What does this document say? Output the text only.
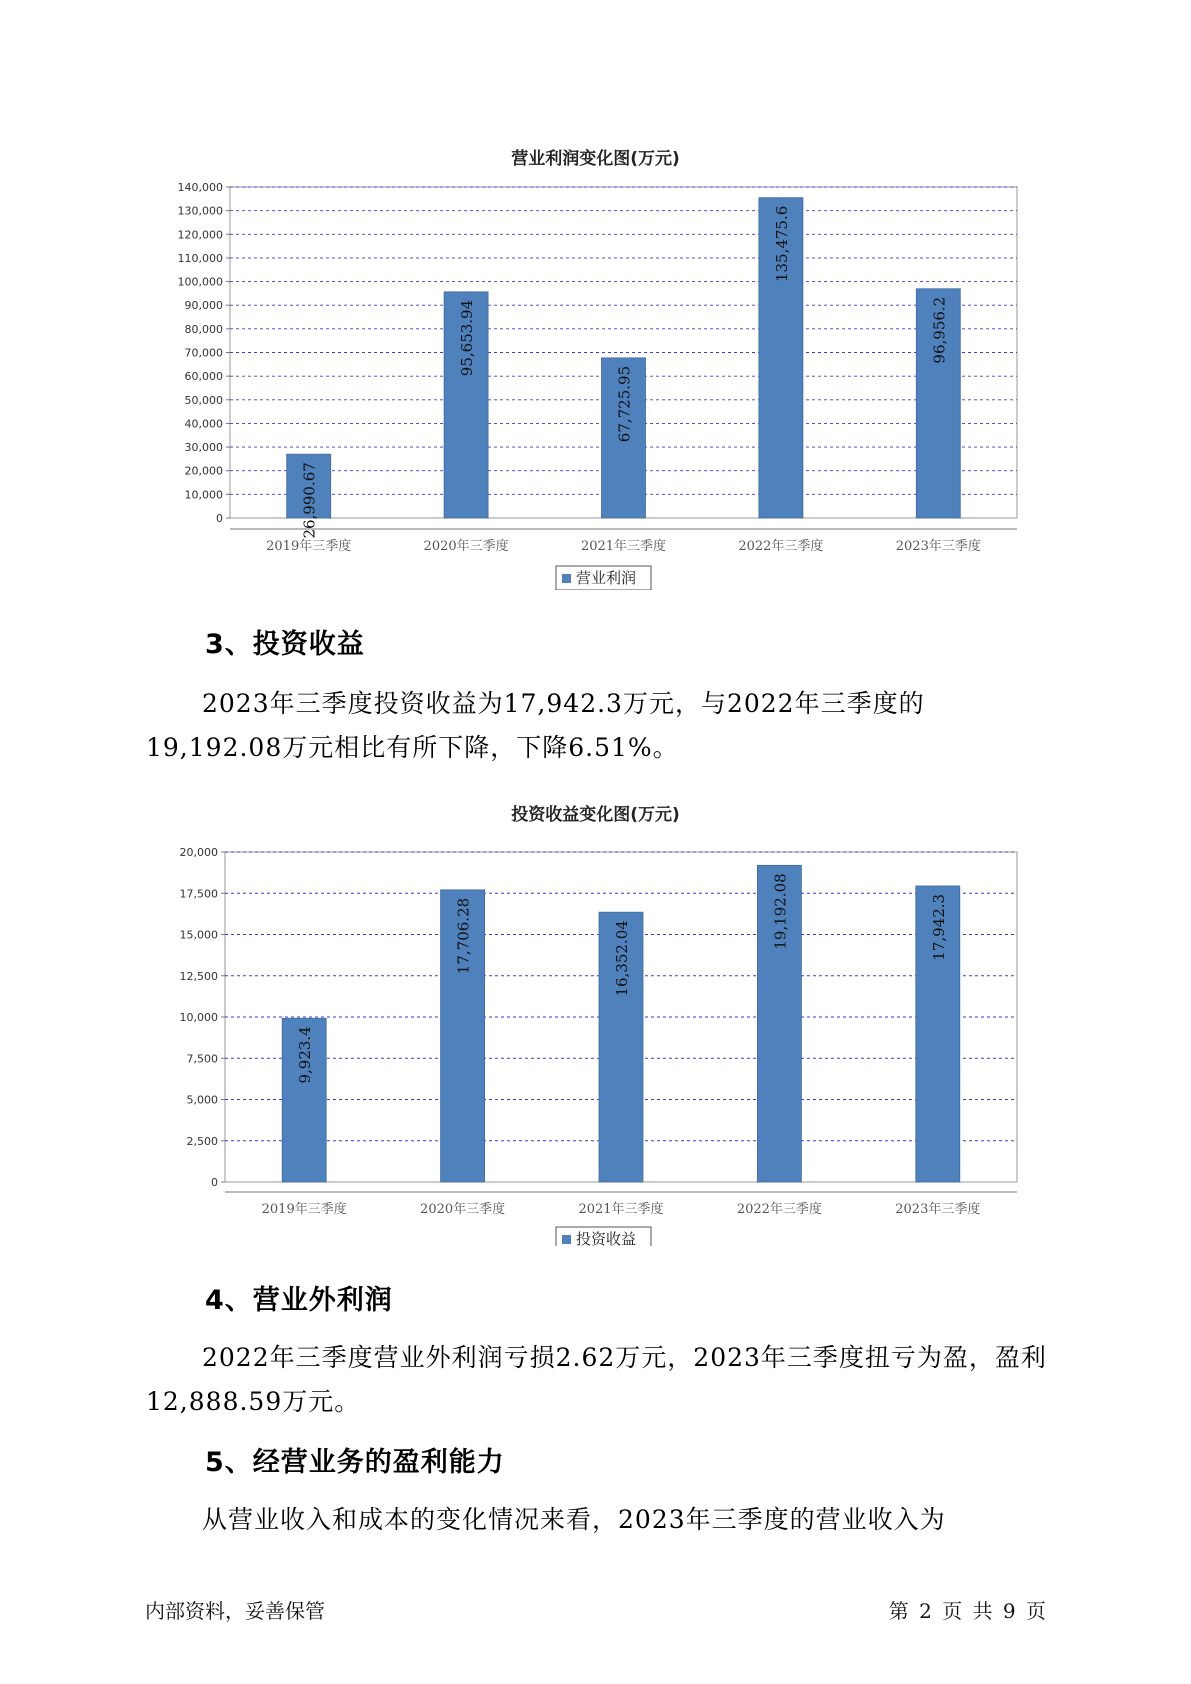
营业利润变化图(万元)
0
10,000
20,000
30,000
40,000
50,000
60,000
70,000
80,000
90,000
100,000
110,000
120,000
130,000
140,000
26,990.67
2019年三季度
95,653.94
2020年三季度
67,725.95
2021年三季度
135,475.6
2022年三季度
96,956.2
2023年三季度
营业利润
3、投资收益

2023年三季度投资收益为17,942.3万元，与2022年三季度的19,192.08万元相比有所下降，下降6.51%。

投资收益变化图(万元)
0
2,500
5,000
7,500
10,000
12,500
15,000
17,500
20,000
9,923.4
2019年三季度
17,706.28
2020年三季度
16,352.04
2021年三季度
19,192.08
2022年三季度
17,942.3
2023年三季度
投资收益
4、营业外利润

2022年三季度营业外利润亏损2.62万元，2023年三季度扭亏为盈，盈利12,888.59万元。

5、经营业务的盈利能力

从营业收入和成本的变化情况来看，2023年三季度的营业收入为

内部资料，妥善保管	第 2 页 共 9 页
